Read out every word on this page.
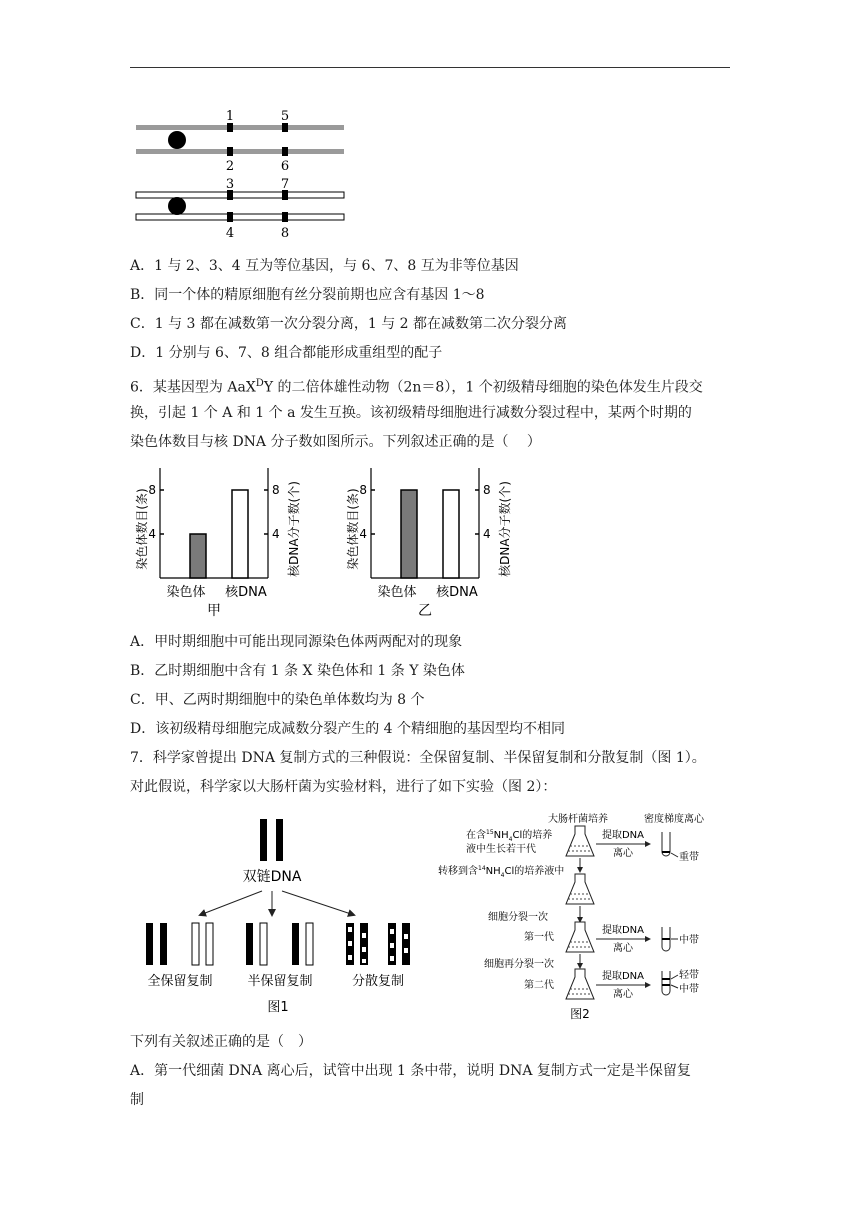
1	5
2	6
3	7
4	8
A．1 与 2、3、4 互为等位基因，与 6、7、8 互为非等位基因
B．同一个体的精原细胞有丝分裂前期也应含有基因 1～8
C．1 与 3 都在减数第一次分裂分离，1 与 2 都在减数第二次分裂分离
D．1 分别与 6、7、8 组合都能形成重组型的配子
6．某基因型为 AaX$^D$Y 的二倍体雄性动物（2n＝8），1 个初级精母细胞的染色体发生片段交
换，引起 1 个 A 和 1 个 a 发生互换。该初级精母细胞进行减数分裂过程中，某两个时期的
染色体数目与核 DNA 分子数如图所示。下列叙述正确的是（　 ）
4	4
8	8
染色体 核DNA
甲
染色体数目(条)	核DNA分子数(个)	4	4
8	8
染色体 核DNA
乙
染色体数目(条)	核DNA分子数(个)
A．甲时期细胞中可能出现同源染色体两两配对的现象
B．乙时期细胞中含有 1 条 X 染色体和 1 条 Y 染色体
C．甲、乙两时期细胞中的染色单体数均为 8 个
D．该初级精母细胞完成减数分裂产生的 4 个精细胞的基因型均不相同
7．科学家曾提出 DNA 复制方式的三种假说：全保留复制、半保留复制和分散复制（图 1）。
对此假说，科学家以大肠杆菌为实验材料，进行了如下实验（图 2）：
双链DNA
全保留复制	半保留复制	分散复制
图1
大肠杆菌培养	密度梯度离心
在含$^{15}NH_4Cl$的培养
液中生长若干代
提取DNA
离心	重带
转移到含$^{14}NH_4Cl$的培养液中
细胞分裂一次
第一代
提取DNA
离心
中带
细胞再分裂一次
第二代
提取DNA
离心
轻带
中带
图2
下列有关叙述正确的是（　）
A．第一代细菌 DNA 离心后，试管中出现 1 条中带，说明 DNA 复制方式一定是半保留复
制
